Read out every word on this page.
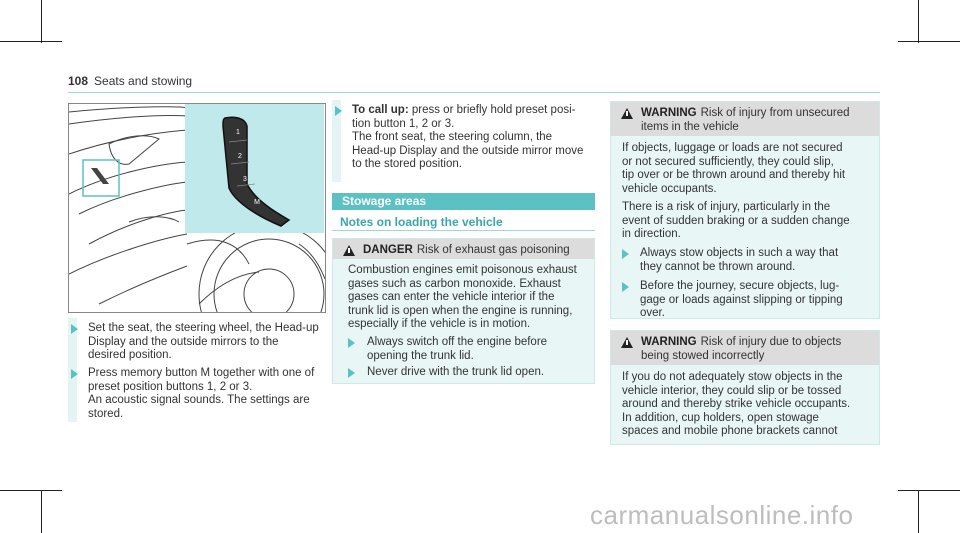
108 Seats and stowing
1
2
3
M
Set the seat, the steering wheel, the Head-up
Display and the outside mirrors to the
desired position.
Press memory button M together with one of
preset position buttons 1, 2 or 3.
An acoustic signal sounds. The settings are
stored.
To call up: press or briefly hold preset posi-
tion button 1, 2 or 3.
The front seat, the steering column, the
Head-up Display and the outside mirror move
to the stored position.
Stowage areas
Notes on loading the vehicle
DANGER Risk of exhaust gas poisoning
Combustion engines emit poisonous exhaust
gases such as carbon monoxide. Exhaust
gases can enter the vehicle interior if the
trunk lid is open when the engine is running,
especially if the vehicle is in motion.
Always switch off the engine before
opening the trunk lid.
Never drive with the trunk lid open.
WARNING Risk of injury from unsecured
items in the vehicle
If objects, luggage or loads are not secured
or not secured sufficiently, they could slip,
tip over or be thrown around and thereby hit
vehicle occupants.
There is a risk of injury, particularly in the
event of sudden braking or a sudden change
in direction.
Always stow objects in such a way that
they cannot be thrown around.
Before the journey, secure objects, lug-
gage or loads against slipping or tipping
over.
WARNING Risk of injury due to objects
being stowed incorrectly
If you do not adequately stow objects in the
vehicle interior, they could slip or be tossed
around and thereby strike vehicle occupants.
In addition, cup holders, open stowage
spaces and mobile phone brackets cannot
carmanualsonline.info
